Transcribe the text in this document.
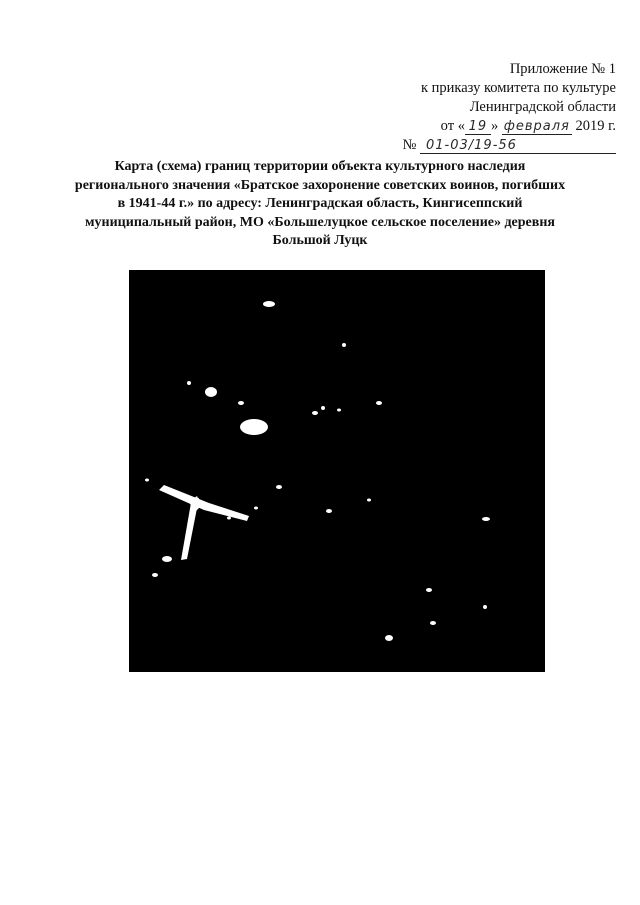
Приложение № 1
к приказу комитета по культуре
Ленинградской области
от « 19 » февраля 2019 г.
№ 01-03/19-56
Карта (схема) границ территории объекта культурного наследия регионального значения «Братское захоронение советских воинов, погибших в 1941-44 г.» по адресу: Ленинградская область, Кингисеппский муниципальный район, МО «Большелуцкое сельское поселение» деревня Большой Луцк
